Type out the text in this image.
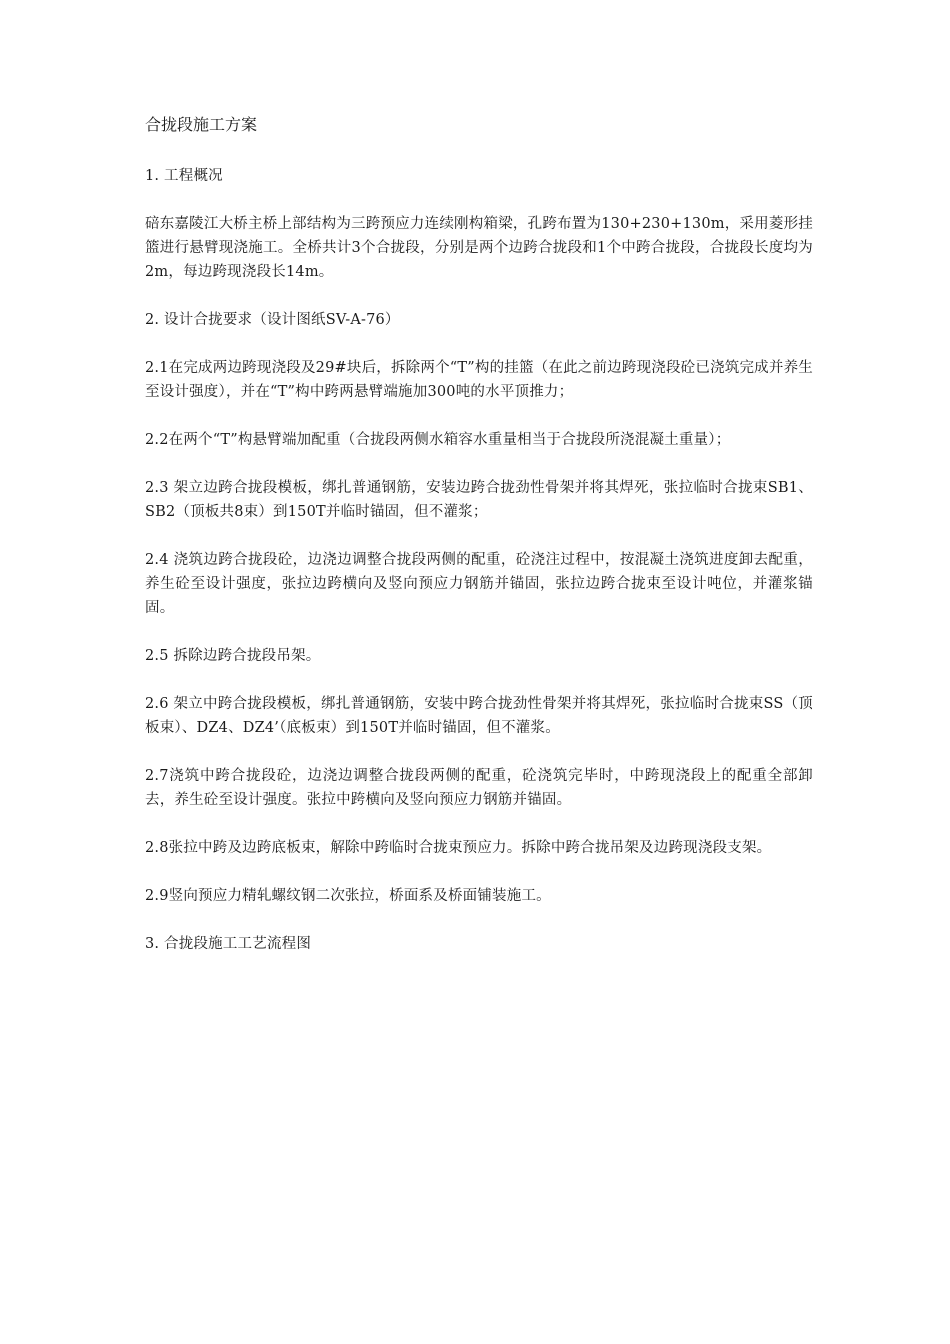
合拢段施工方案
1. 工程概况
碚东嘉陵江大桥主桥上部结构为三跨预应力连续刚构箱梁，孔跨布置为130+230+130m，采用菱形挂篮进行悬臂现浇施工。全桥共计3个合拢段，分别是两个边跨合拢段和1个中跨合拢段，合拢段长度均为2m，每边跨现浇段长14m。
2. 设计合拢要求（设计图纸SV-A-76）
2.1在完成两边跨现浇段及29#块后，拆除两个“T”构的挂篮（在此之前边跨现浇段砼已浇筑完成并养生至设计强度），并在“T”构中跨两悬臂端施加300吨的水平顶推力；
2.2在两个“T”构悬臂端加配重（合拢段两侧水箱容水重量相当于合拢段所浇混凝土重量）；
2.3 架立边跨合拢段模板，绑扎普通钢筋，安装边跨合拢劲性骨架并将其焊死，张拉临时合拢束SB1、SB2（顶板共8束）到150T并临时锚固，但不灌浆；
2.4 浇筑边跨合拢段砼，边浇边调整合拢段两侧的配重，砼浇注过程中，按混凝土浇筑进度卸去配重，养生砼至设计强度，张拉边跨横向及竖向预应力钢筋并锚固，张拉边跨合拢束至设计吨位，并灌浆锚固。
2.5 拆除边跨合拢段吊架。
2.6 架立中跨合拢段模板，绑扎普通钢筋，安装中跨合拢劲性骨架并将其焊死，张拉临时合拢束SS（顶板束）、DZ4、DZ4’（底板束）到150T并临时锚固，但不灌浆。
2.7浇筑中跨合拢段砼，边浇边调整合拢段两侧的配重，砼浇筑完毕时，中跨现浇段上的配重全部卸去，养生砼至设计强度。张拉中跨横向及竖向预应力钢筋并锚固。
2.8张拉中跨及边跨底板束，解除中跨临时合拢束预应力。拆除中跨合拢吊架及边跨现浇段支架。
2.9竖向预应力精轧螺纹钢二次张拉，桥面系及桥面铺装施工。
3. 合拢段施工工艺流程图
